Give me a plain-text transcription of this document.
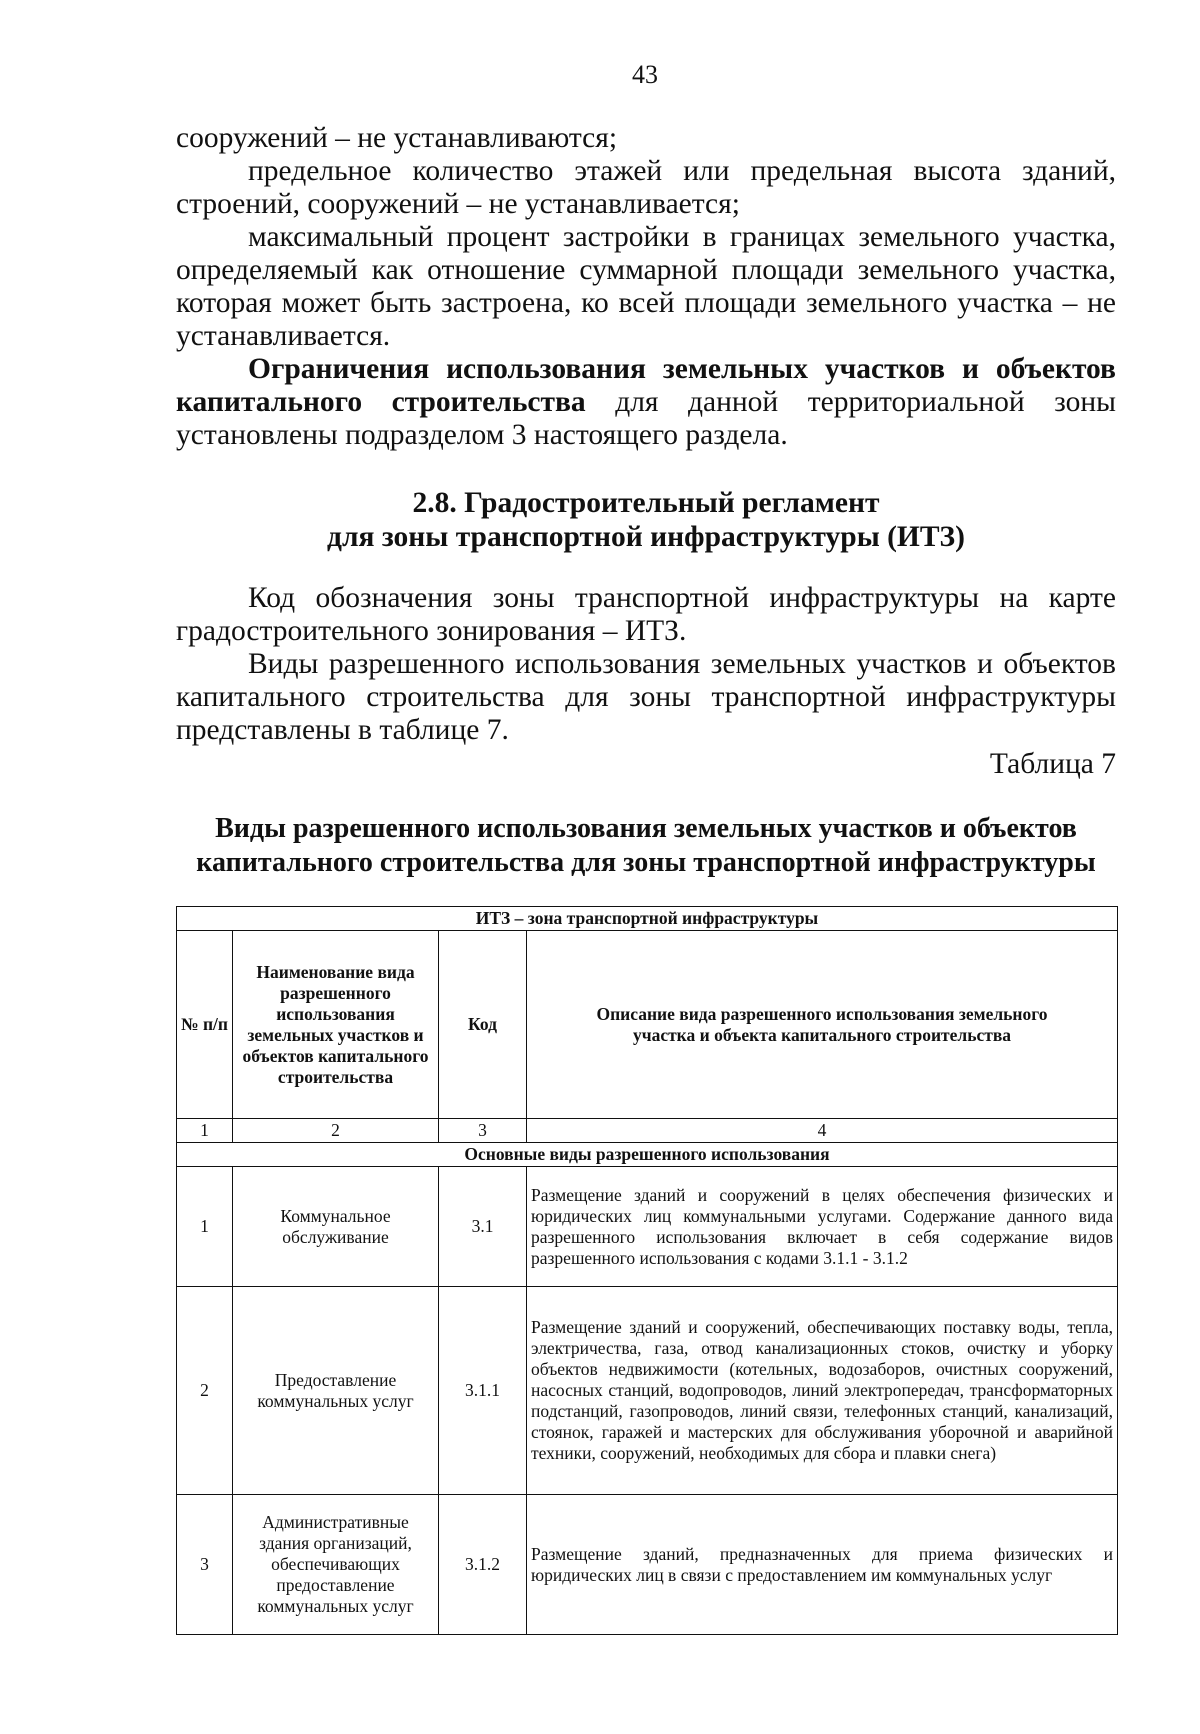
43

сооружений – не устанавливаются;

предельное количество этажей или предельная высота зданий, строений, сооружений – не устанавливается;

максимальный процент застройки в границах земельного участка, определяемый как отношение суммарной площади земельного участка, которая может быть застроена, ко всей площади земельного участка – не устанавливается.

Ограничения использования земельных участков и объектов капитального строительства для данной территориальной зоны установлены подразделом 3 настоящего раздела.

2.8. Градостроительный регламент
для зоны транспортной инфраструктуры (ИТЗ)

Код обозначения зоны транспортной инфраструктуры на карте градостроительного зонирования – ИТЗ.

Виды разрешенного использования земельных участков и объектов капитального строительства для зоны транспортной инфраструктуры представлены в таблице 7.

Таблица 7
Виды разрешенного использования земельных участков и объектов
капитального строительства для зоны транспортной инфраструктуры
ИТЗ – зона транспортной инфраструктуры			
№ п/п	Наименование вида разрешенного использования земельных участков и объектов капитального строительства	Код	Описание вида разрешенного использования земельного участка и объекта капитального строительства
1	2	3	4
Основные виды разрешенного использования			
1	Коммунальное обслуживание	3.1	Размещение зданий и сооружений в целях обеспечения физических и юридических лиц коммунальными услугами. Содержание данного вида разрешенного использования включает в себя содержание видов разрешенного использования с кодами 3.1.1 - 3.1.2
2	Предоставление коммунальных услуг	3.1.1	Размещение зданий и сооружений, обеспечивающих поставку воды, тепла, электричества, газа, отвод канализационных стоков, очистку и уборку объектов недвижимости (котельных, водозаборов, очистных сооружений, насосных станций, водопроводов, линий электропередач, трансформаторных подстанций, газопроводов, линий связи, телефонных станций, канализаций, стоянок, гаражей и мастерских для обслуживания уборочной и аварийной техники, сооружений, необходимых для сбора и плавки снега)
3	Административные здания организаций, обеспечивающих предоставление коммунальных услуг	3.1.2	Размещение зданий, предназначенных для приема физических и юридических лиц в связи с предоставлением им коммунальных услуг
